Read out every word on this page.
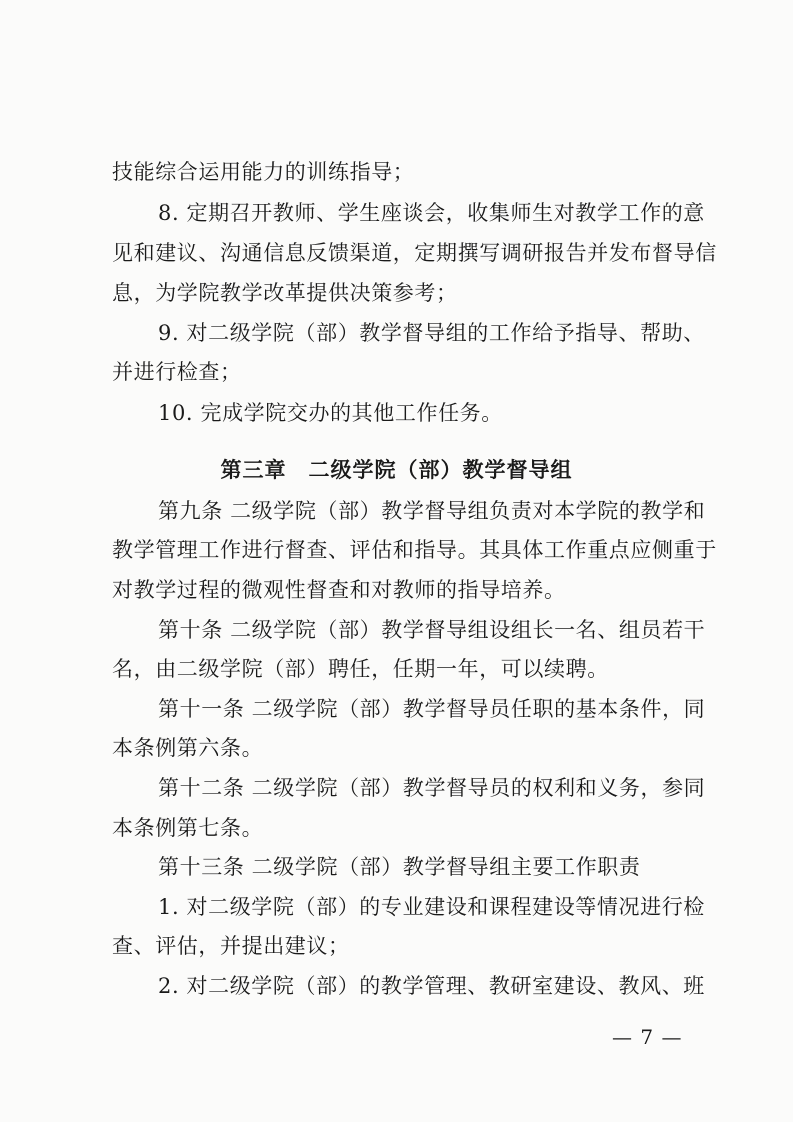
技能综合运用能力的训练指导；
8. 定期召开教师、学生座谈会，收集师生对教学工作的意
见和建议、沟通信息反馈渠道，定期撰写调研报告并发布督导信
息，为学院教学改革提供决策参考；
9. 对二级学院（部）教学督导组的工作给予指导、帮助、
并进行检查；
10. 完成学院交办的其他工作任务。
第三章　二级学院（部）教学督导组
第九条 二级学院（部）教学督导组负责对本学院的教学和
教学管理工作进行督查、评估和指导。其具体工作重点应侧重于
对教学过程的微观性督查和对教师的指导培养。
第十条 二级学院（部）教学督导组设组长一名、组员若干
名，由二级学院（部）聘任，任期一年，可以续聘。
第十一条 二级学院（部）教学督导员任职的基本条件，同
本条例第六条。
第十二条 二级学院（部）教学督导员的权利和义务，参同
本条例第七条。
第十三条 二级学院（部）教学督导组主要工作职责
1. 对二级学院（部）的专业建设和课程建设等情况进行检
查、评估，并提出建议；
2. 对二级学院（部）的教学管理、教研室建设、教风、班
— 7 —
